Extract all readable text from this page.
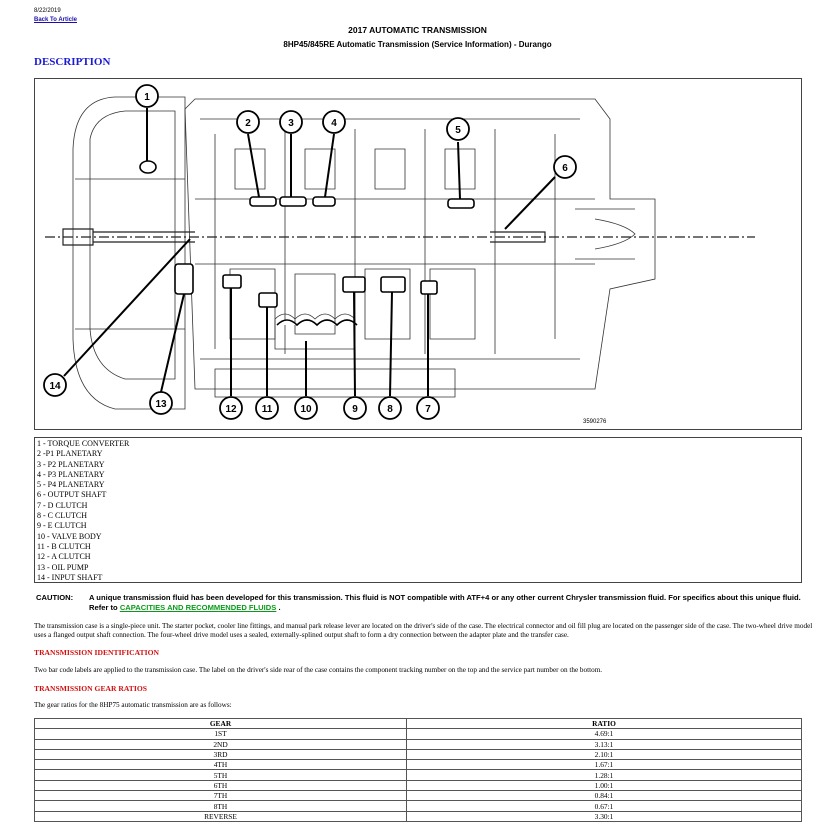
8/22/2019
Back To Article
2017 AUTOMATIC TRANSMISSION
8HP45/845RE Automatic Transmission (Service Information) - Durango
DESCRIPTION
1
2	3	4
5
6
7
8
9
10
11
12
13
14
3590276
1 - TORQUE CONVERTER
2 -P1 PLANETARY
3 - P2 PLANETARY
4 - P3 PLANETARY
5 - P4 PLANETARY
6 - OUTPUT SHAFT
7 - D CLUTCH
8 - C CLUTCH
9 - E CLUTCH
10 - VALVE BODY
11 - B CLUTCH
12 - A CLUTCH
13 - OIL PUMP
14 - INPUT SHAFT
CAUTION: A unique transmission fluid has been developed for this transmission. This fluid is NOT compatible with ATF+4 or any other current Chrysler transmission fluid. For specifics about this unique fluid. Refer to CAPACITIES AND RECOMMENDED FLUIDS .
The transmission case is a single-piece unit. The starter pocket, cooler line fittings, and manual park release lever are located on the driver's side of the case. The electrical connector and oil fill plug are located on the passenger side of the case. The two-wheel drive model uses a flanged output shaft connection. The four-wheel drive model uses a sealed, externally-splined output shaft to form a dry connection between the adapter plate and the transfer case.
TRANSMISSION IDENTIFICATION
Two bar code labels are applied to the transmission case. The label on the driver's side rear of the case contains the component tracking number on the top and the service part number on the bottom.
TRANSMISSION GEAR RATIOS
The gear ratios for the 8HP75 automatic transmission are as follows:
GEAR	RATIO
1ST	4.69:1
2ND	3.13:1
3RD	2.10:1
4TH	1.67:1
5TH	1.28:1
6TH	1.00:1
7TH	0.84:1
8TH	0.67:1
REVERSE	3.30:1
